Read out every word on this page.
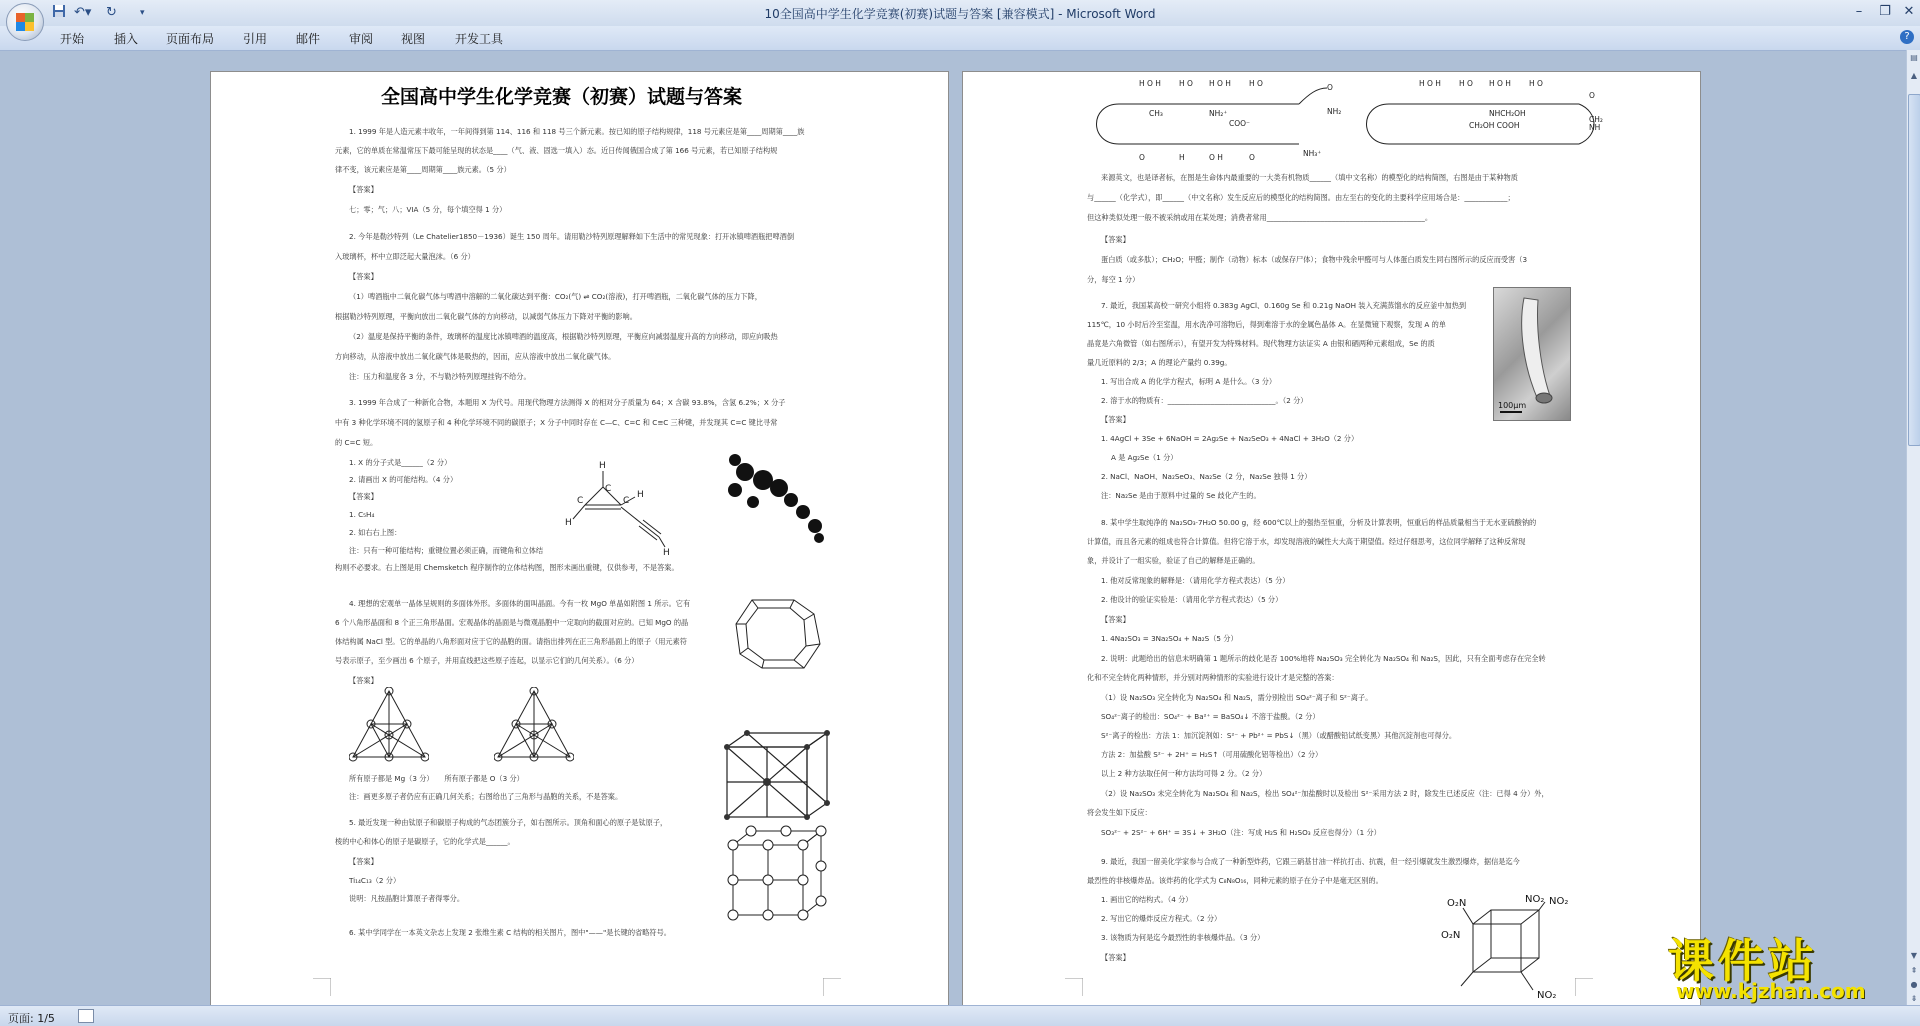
↶▾ ↻	▾	10全国高中学生化学竞赛(初赛)试题与答案 [兼容模式] - Microsoft Word	–	❐ ✕
开始 插入 页面布局 引用 邮件 审阅 视图 开发工具	?
全国高中学生化学竞赛（初赛）试题与答案
1. 1999 年是人造元素丰收年，一年间得到第 114、116 和 118 号三个新元素。按已知的原子结构规律，118 号元素应是第____周期第____族
元素，它的单质在常温常压下最可能呈现的状态是____（气、液、固选一填入）态。近日传闻俄国合成了第 166 号元素，若已知原子结构规
律不变，该元素应是第____周期第____族元素。（5 分）
【答案】
七；零；气；八；VIA（5 分，每个填空得 1 分）
2. 今年是勒沙特列（Le Chatelier1850－1936）诞生 150 周年。请用勒沙特列原理解释如下生活中的常见现象：打开冰镇啤酒瓶把啤酒倒
入玻璃杯，杯中立即泛起大量泡沫。（6 分）
【答案】
（1）啤酒瓶中二氧化碳气体与啤酒中溶解的二氧化碳达到平衡：CO₂(气) ⇌ CO₂(溶液)，打开啤酒瓶，二氧化碳气体的压力下降，
根据勒沙特列原理，平衡向放出二氧化碳气体的方向移动，以减弱气体压力下降对平衡的影响。
（2）温度是保持平衡的条件，玻璃杯的温度比冰镇啤酒的温度高，根据勒沙特列原理，平衡应向减弱温度升高的方向移动，即应向吸热
方向移动，从溶液中放出二氧化碳气体是吸热的，因而，应从溶液中放出二氧化碳气体。
注：压力和温度各 3 分，不与勒沙特列原理挂钩不给分。
3. 1999 年合成了一种新化合物，本题用 X 为代号。用现代物理方法测得 X 的相对分子质量为 64；X 含碳 93.8%，含氢 6.2%；X 分子
中有 3 种化学环境不同的氢原子和 4 种化学环境不同的碳原子；X 分子中同时存在 C—C、C=C 和 C≡C 三种键，并发现其 C=C 键比寻常
的 C=C 短。
1. X 的分子式是______（2 分）
2. 请画出 X 的可能结构。（4 分）
【答案】
1. C₅H₄
2. 如右右上图：
注：只有一种可能结构；重键位置必须正确，而键角和立体结
构则不必要求。右上图是用 Chemsketch 程序制作的立体结构图，图形未画出重键，仅供参考，不是答案。
4. 理想的宏观单一晶体呈规则的多面体外形。多面体的面叫晶面。今有一枚 MgO 单晶如附图 1 所示。它有
6 个八角形晶面和 8 个正三角形晶面。宏观晶体的晶面是与微观晶胞中一定取向的截面对应的。已知 MgO 的晶
体结构属 NaCl 型。它的单晶的八角形面对应于它的晶胞的面。请指出排列在正三角形晶面上的原子（用元素符
号表示原子，至少画出 6 个原子，并用直线把这些原子连起，以显示它们的几何关系）。（6 分）
【答案】
所有原子都是 Mg（3 分）　　所有原子都是 O（3 分）
注：画更多原子者仍应有正确几何关系；右图给出了三角形与晶胞的关系，不是答案。
5. 最近发现一种由钛原子和碳原子构成的气态团簇分子，如右图所示。顶角和面心的原子是钛原子，
棱的中心和体心的原子是碳原子，它的化学式是______。
【答案】
Ti₁₄C₁₃（2 分）
说明：凡按晶胞计算原子者得零分。
6. 某中学同学在一本英文杂志上发现 2 张维生素 C 结构的相关图片，图中"——"是长键的省略符号。
H
C
C	C
H
H
H
H O H H O H O H H O
CH₃	NH₂⁺
COO⁻
O	H	O H	O
O
NH₂
NH₃⁺
H O H H O H O H H O
NHCH₂OH
CH₂OH COOH
O
NH
CH₂
来源英文，也是译者标，在图是生命体内最重要的一大类有机物质______（填中文名称）的模型化的结构简图，右图是由于某种物质
与______（化学式），即______（中文名称）发生反应后的模型化的结构简图。由左至右的变化的主要科学应用场合是：____________；
但这种类似处理一般不被采纳或用在某处理；消费者常用____________________________________________。
【答案】
蛋白质（或多肽）；CH₂O；甲醛；制作（动物）标本（或保存尸体）；食物中残余甲醛可与人体蛋白质发生同右图所示的反应而受害（3
分，每空 1 分）
7. 最近，我国某高校一研究小组将 0.383g AgCl、0.160g Se 和 0.21g NaOH 装入充满蒸馏水的反应釜中加热到
115℃，10 小时后冷至室温，用水洗净可溶物后，得到难溶于水的金属色晶体 A。在显微镜下观察，发现 A 的单
晶竟是六角微管（如右图所示），有望开发为特殊材料。现代物理方法证实 A 由银和硒两种元素组成，Se 的质
量几近原料的 2/3；A 的理论产量约 0.39g。
1. 写出合成 A 的化学方程式，标明 A 是什么。（3 分）
2. 溶于水的物质有：______________________________。（2 分）
【答案】
1. 4AgCl + 3Se + 6NaOH = 2Ag₂Se + Na₂SeO₃ + 4NaCl + 3H₂O（2 分）
A 是 Ag₂Se（1 分）
2. NaCl、NaOH、Na₂SeO₃、Na₂Se（2 分，Na₂Se 独得 1 分）
注：Na₂Se 是由于原料中过量的 Se 歧化产生的。
8. 某中学生取纯净的 Na₂SO₃·7H₂O 50.00 g，经 600℃以上的强热至恒重，分析及计算表明，恒重后的样品质量相当于无水亚硫酸钠的
计算值，而且各元素的组成也符合计算值。但将它溶于水，却发现溶液的碱性大大高于期望值。经过仔细思考，这位同学解释了这种反常现
象，并设计了一组实验，验证了自己的解释是正确的。
1. 他对反常现象的解释是：（请用化学方程式表达）（5 分）
2. 他设计的验证实验是：（请用化学方程式表达）（5 分）
【答案】
1. 4Na₂SO₃ = 3Na₂SO₄ + Na₂S（5 分）
2. 说明：此题给出的信息未明确第 1 题所示的歧化是否 100%地将 Na₂SO₃ 完全转化为 Na₂SO₄ 和 Na₂S，因此，只有全面考虑存在完全转
化和不完全转化两种情形，并分别对两种情形的实验进行设计才是完整的答案：
（1）设 Na₂SO₃ 完全转化为 Na₂SO₄ 和 Na₂S，需分别检出 SO₄²⁻离子和 S²⁻离子。
SO₄²⁻离子的检出：SO₄²⁻ + Ba²⁺ = BaSO₄↓ 不溶于盐酸。（2 分）
S²⁻离子的检出：方法 1：加沉淀剂如：S²⁻ + Pb²⁺ = PbS↓（黑）（或醋酸铅试纸变黑）其他沉淀剂也可得分。
方法 2：加盐酸 S²⁻ + 2H⁺ = H₂S↑（可用硫酸化铝等检出）（2 分）
以上 2 种方法取任何一种方法均可得 2 分。（2 分）
（2）设 Na₂SO₃ 未完全转化为 Na₂SO₄ 和 Na₂S，检出 SO₄²⁻加盐酸时以及检出 S²⁻采用方法 2 时，除发生已述反应（注：已得 4 分）外，
将会发生如下反应：
SO₃²⁻ + 2S²⁻ + 6H⁺ = 3S↓ + 3H₂O（注：写成 H₂S 和 H₂SO₃ 反应也得分）（1 分）
9. 最近，我国一留美化学家参与合成了一种新型炸药，它跟三硝基甘油一样抗打击、抗震，但一经引爆就发生激烈爆炸，据信是迄今
最烈性的非核爆炸品。该炸药的化学式为 C₈N₈O₁₆，同种元素的原子在分子中是毫无区别的。
1. 画出它的结构式。（4 分）
2. 写出它的爆炸反应方程式。（2 分）
3. 该物质为何是迄今最烈性的非核爆炸品。（3 分）
【答案】
100µm
O₂N	NO₂ NO₂
O₂N
NO₂
▤
▲
▼
⇞
●
⇟
页面: 1/5
课件站
www.kjzhan.com
